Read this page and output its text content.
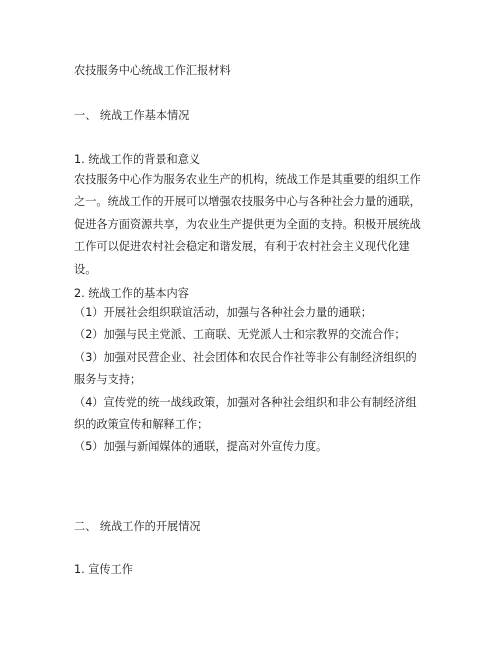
农技服务中心统战工作汇报材料
一、 统战工作基本情况
1. 统战工作的背景和意义
农技服务中心作为服务农业生产的机构，统战工作是其重要的组织工作之一。统战工作的开展可以增强农技服务中心与各种社会力量的通联，促进各方面资源共享，为农业生产提供更为全面的支持。积极开展统战工作可以促进农村社会稳定和谐发展，有利于农村社会主义现代化建设。
2. 统战工作的基本内容
（1）开展社会组织联谊活动，加强与各种社会力量的通联；
（2）加强与民主党派、工商联、无党派人士和宗教界的交流合作；
（3）加强对民营企业、社会团体和农民合作社等非公有制经济组织的服务与支持；
（4）宣传党的统一战线政策，加强对各种社会组织和非公有制经济组织的政策宣传和解释工作；
（5）加强与新闻媒体的通联，提高对外宣传力度。
二、 统战工作的开展情况
1. 宣传工作
